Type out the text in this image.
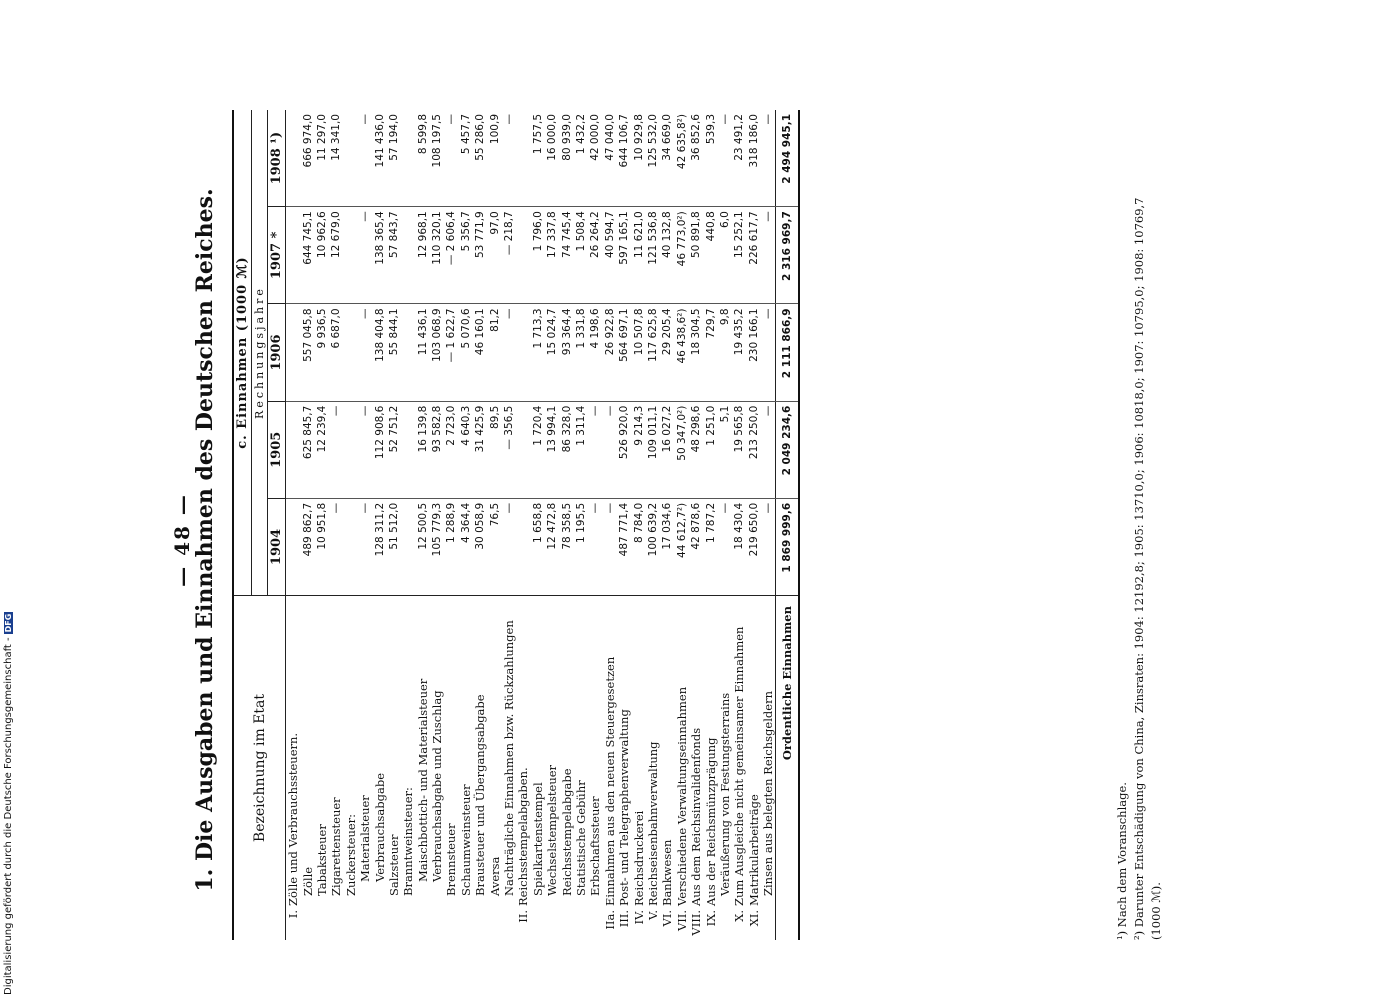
— 48 —
1. Die Ausgaben und Einnahmen des Deutschen Reiches. Bezeichnung im Etat	c. Einnahmen (1000 ℳ)				
	Rechnungsjahre				
	1904	1905	1906	1907 *	1908 ¹)
I.Zölle und Verbrauchssteuern.					
Zölle	489 862,7	625 845,7	557 045,8	644 745,1	666 974,0
Tabaksteuer	10 951,8	12 239,4	9 936,5	10 962,6	11 297,0
Zigarettensteuer	—	—	6 687,0	12 679,0	14 341,0
Zuckersteuer:					
Materialsteuer	—	—	—	—	—
Verbrauchsabgabe	128 311,2	112 908,6	138 404,8	138 365,4	141 436,0
Salzsteuer	51 512,0	52 751,2	55 844,1	57 843,7	57 194,0
Branntweinsteuer:					
Maischbottich- und Materialsteuer	12 500,5	16 139,8	11 436,1	12 968,1	8 599,8
Verbrauchsabgabe und Zuschlag	105 779,3	93 582,8	103 068,9	110 320,1	108 197,5
Brennsteuer	1 288,9	2 723,0	— 1 622,7	— 2 606,4	—
Schaumweinsteuer	4 364,4	4 640,3	5 070,6	5 356,7	5 457,7
Brausteuer und Übergangsabgabe	30 058,9	31 425,9	46 160,1	53 771,9	55 286,0
Aversa	76,5	89,5	81,2	97,0	100,9
Nachträgliche Einnahmen bzw. Rückzahlungen	—	— 356,5	—	— 218,7	—
II.Reichsstempelabgaben.					
Spielkartenstempel	1 658,8	1 720,4	1 713,3	1 796,0	1 757,5
Wechselstempelsteuer	12 472,8	13 994,1	15 024,7	17 337,8	16 000,0
Reichsstempelabgabe	78 358,5	86 328,0	93 364,4	74 745,4	80 939,0
Statistische Gebühr	1 195,5	1 311,4	1 331,8	1 508,4	1 432,2
Erbschaftssteuer	—	—	4 198,6	26 264,2	42 000,0
IIa.Einnahmen aus den neuen Steuergesetzen	—	—	26 922,8	40 594,7	47 040,0
III.Post- und Telegraphenverwaltung	487 771,4	526 920,0	564 697,1	597 165,1	644 106,7
IV.Reichsdruckerei	8 784,0	9 214,3	10 507,8	11 621,0	10 929,8
V.Reichseisenbahnverwaltung	100 639,2	109 011,1	117 625,8	121 536,8	125 532,0
VI.Bankwesen	17 034,6	16 027,2	29 205,4	40 132,8	34 669,0
VII.Verschiedene Verwaltungseinnahmen	44 612,7²)	50 347,0²)	46 438,6²)	46 773,0²)	42 635,8²)
VIII.Aus dem Reichsinvalidenfonds	42 878,6	48 298,6	18 304,5	50 891,8	36 852,6
IX.Aus der Reichsmünzprägung	1 787,2	1 251,0	729,7	440,8	539,3
Veräußerung von Festungsterrains	—	5,1	9,8	6,0	—
X.Zum Ausgleiche nicht gemeinsamer Einnahmen	18 430,4	19 565,8	19 435,2	15 252,1	23 491,2
XI.Matrikularbeiträge	219 650,0	213 250,0	230 166,1	226 617,7	318 186,0
Zinsen aus belegten Reichsgeldern	—	—	—	—	—
Ordentliche Einnahmen	1 869 999,6	2 049 234,6	2 111 866,9	2 316 969,7	2 494 945,1
¹) Nach dem Voranschlage. ²) Darunter Entschädigung von China, Zinsraten: 1904: 12192,8; 1905: 13710,0; 1906: 10818,0; 1907: 10795,0; 1908: 10769,7 (1000 ℳ).
Digitalisierung gefördert durch die Deutsche Forschungsgemeinschaft -
DFG
